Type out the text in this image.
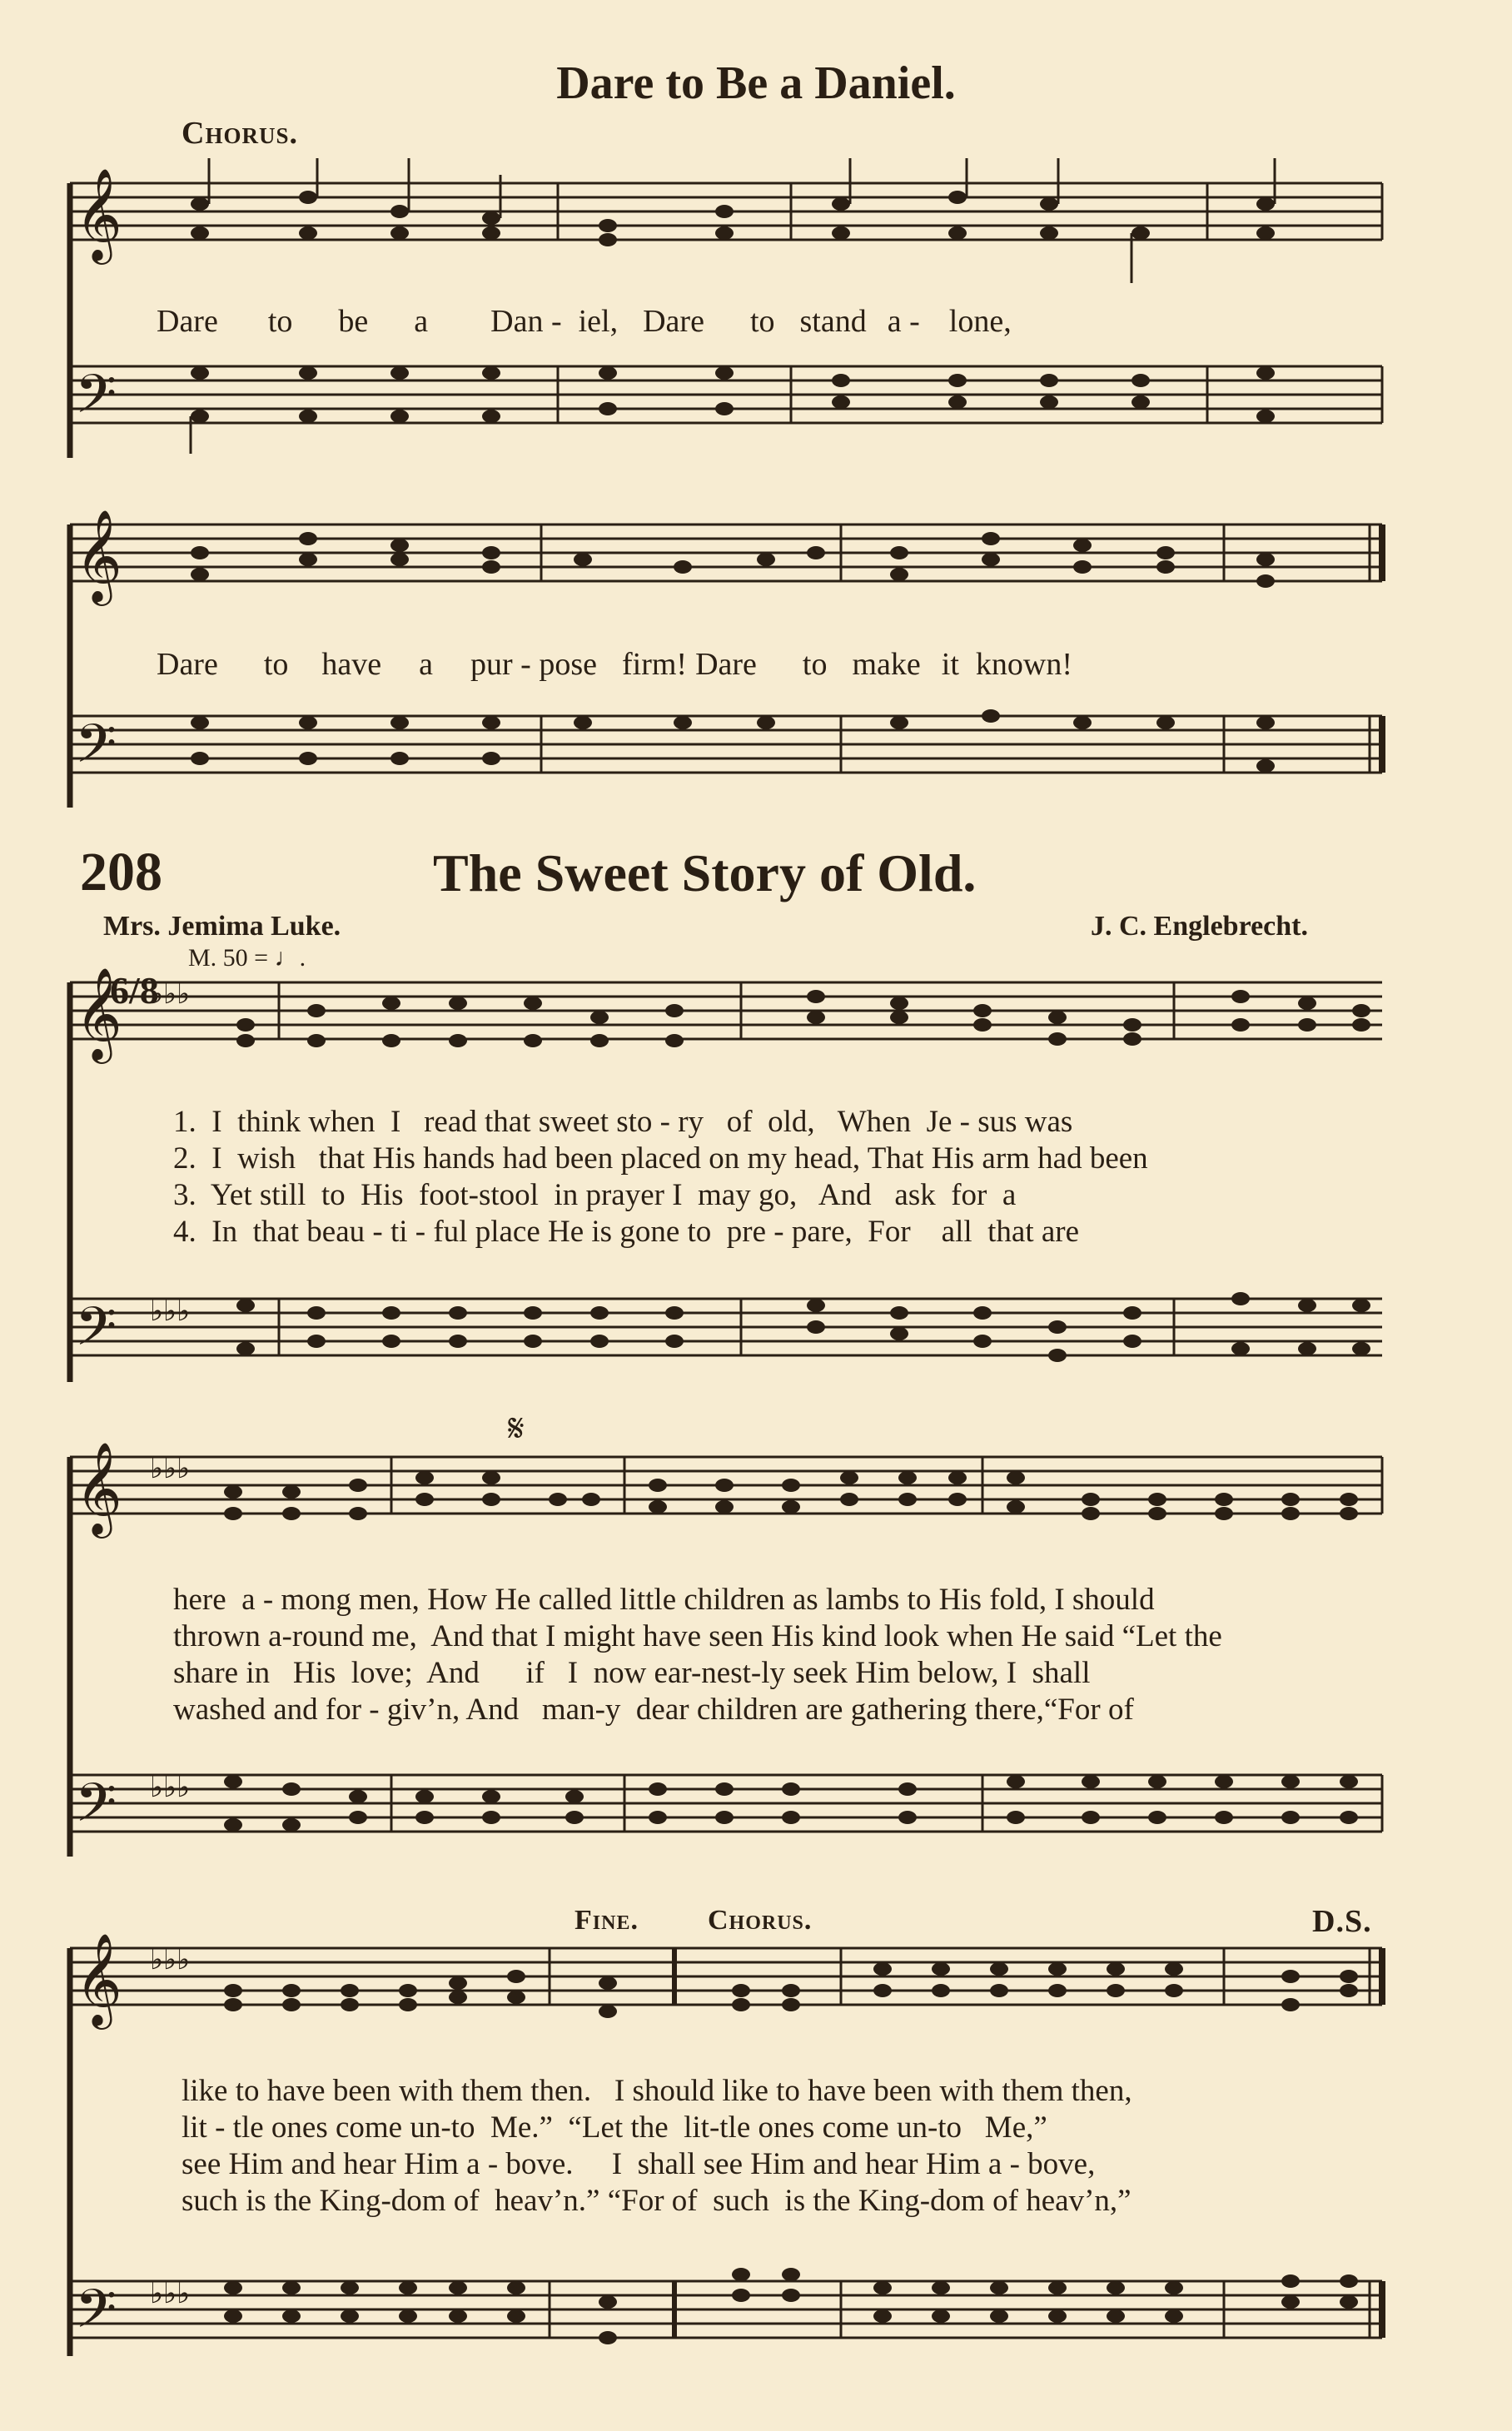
Dare to Be a Daniel.
Chorus.
𝄞
𝄢
Dare to be a Dan - iel, Dare to stand a - lone,
𝄞
𝄢
Dare to have a pur - pose firm! Dare to make it known!
208	The Sweet Story of Old.
Mrs. Jemima Luke.	J. C. Englebrecht.
M. 50 = ♩.
𝄞
𝄢
♭♭♭
♭♭♭
6/8
1.  I  think when  I   read that sweet sto - ry   of  old,   When  Je - sus was
2.  I  wish   that His hands had been placed on my head, That His arm had been
3.  Yet still  to  His  foot-stool  in prayer I  may go,   And   ask  for  a
4.  In  that beau - ti - ful place He is gone to  pre - pare,  For    all  that are
𝄞
𝄢
♭♭♭
♭♭♭
𝄋
here  a - mong men, How He called little children as lambs to His fold, I should
thrown a-round me,  And that I might have seen His kind look when He said “Let the
share in   His  love;  And      if   I  now ear-nest-ly seek Him below, I  shall
washed and for - giv’n, And   man-y  dear children are gathering there,“For of
Fine. Chorus.	D.S.
𝄞
𝄢
♭♭♭
♭♭♭
like to have been with them then.   I should like to have been with them then,
lit - tle ones come un-to  Me.”  “Let the  lit-tle ones come un-to   Me,”
see Him and hear Him a - bove.     I  shall see Him and hear Him a - bove,
such is the King-dom of  heav’n.” “For of  such  is the King-dom of heav’n,”
